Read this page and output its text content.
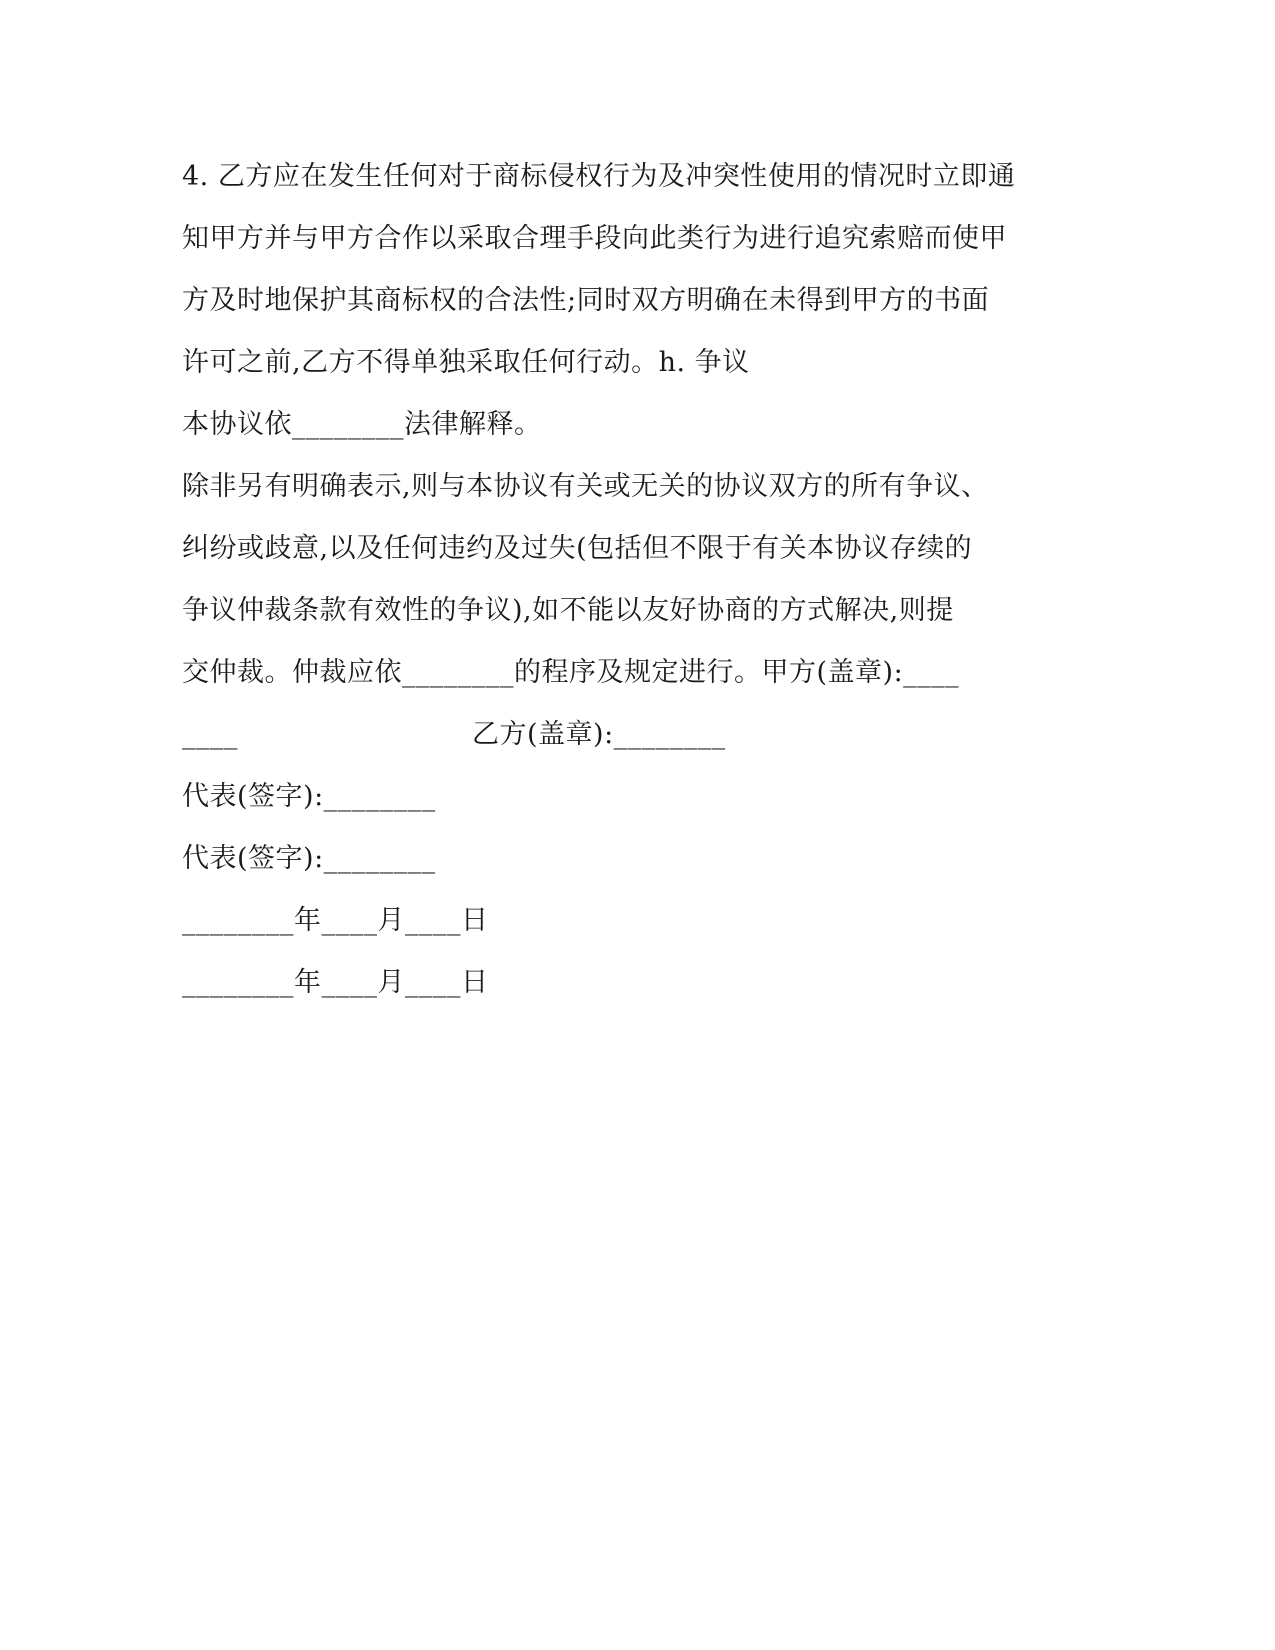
4. 乙方应在发生任何对于商标侵权行为及冲突性使用的情况时立即通
知甲方并与甲方合作以采取合理手段向此类行为进行追究索赔而使甲
方及时地保护其商标权的合法性;同时双方明确在未得到甲方的书面
许可之前,乙方不得单独采取任何行动。h. 争议
本协议依________法律解释。
除非另有明确表示,则与本协议有关或无关的协议双方的所有争议、
纠纷或歧意,以及任何违约及过失(包括但不限于有关本协议存续的
争议仲裁条款有效性的争议),如不能以友好协商的方式解决,则提
交仲裁。仲裁应依________的程序及规定进行。甲方(盖章):____
____	乙方(盖章):________
代表(签字):________
代表(签字):________
________年____月____日
________年____月____日
